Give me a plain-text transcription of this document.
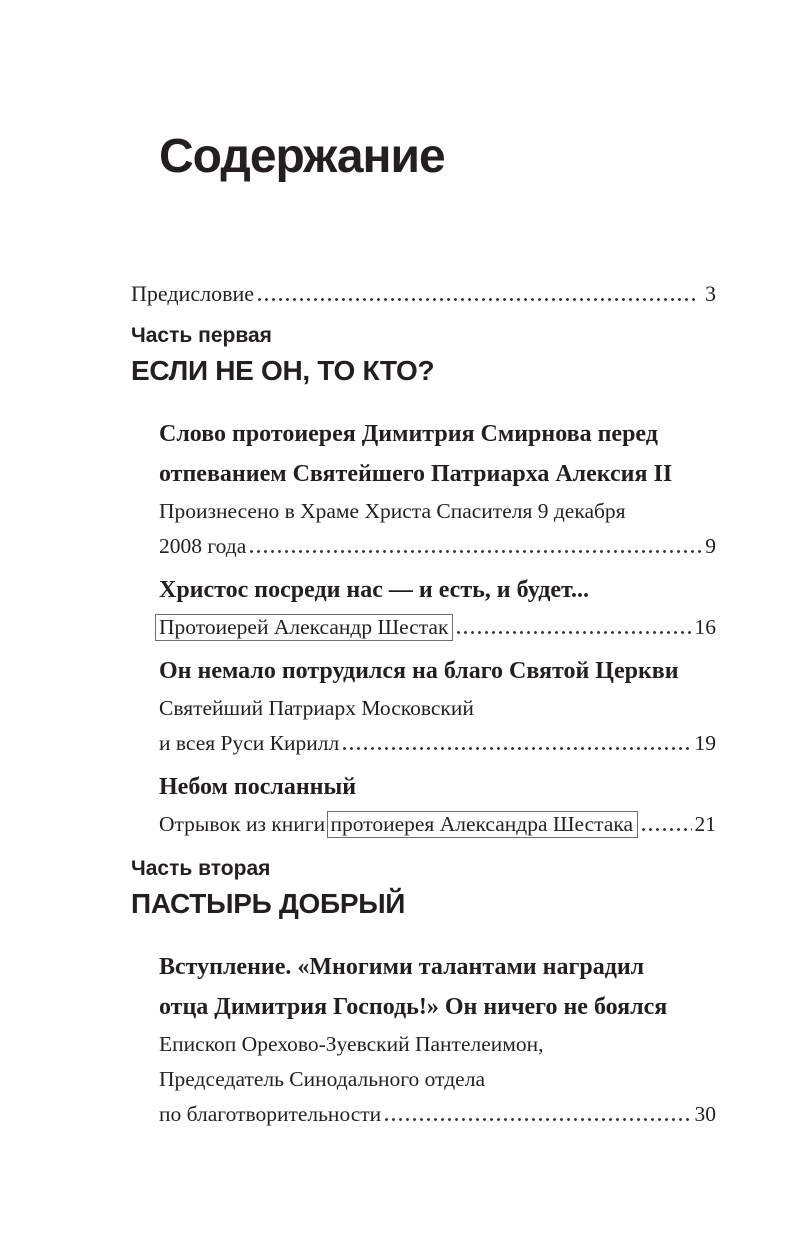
Содержание
Предисловие	3
Часть первая
ЕСЛИ НЕ ОН, ТО КТО?
Слово протоиерея Димитрия Смирнова перед
отпеванием Святейшего Патриарха Алексия II
Произнесено в Храме Христа Спасителя 9 декабря
2008 года	9
Христос посреди нас — и есть, и будет...
Протоиерей Александр Шестак	16
Он немало потрудился на благо Святой Церкви
Святейший Патриарх Московский
и всея Руси Кирилл	19
Небом посланный
Отрывок из книги протоиерея Александра Шестака	21
Часть вторая
ПАСТЫРЬ ДОБРЫЙ
Вступление. «Многими талантами наградил
отца Димитрия Господь!» Он ничего не боялся
Епископ Орехово-Зуевский Пантелеимон,
Председатель Синодального отдела
по благотворительности	30
